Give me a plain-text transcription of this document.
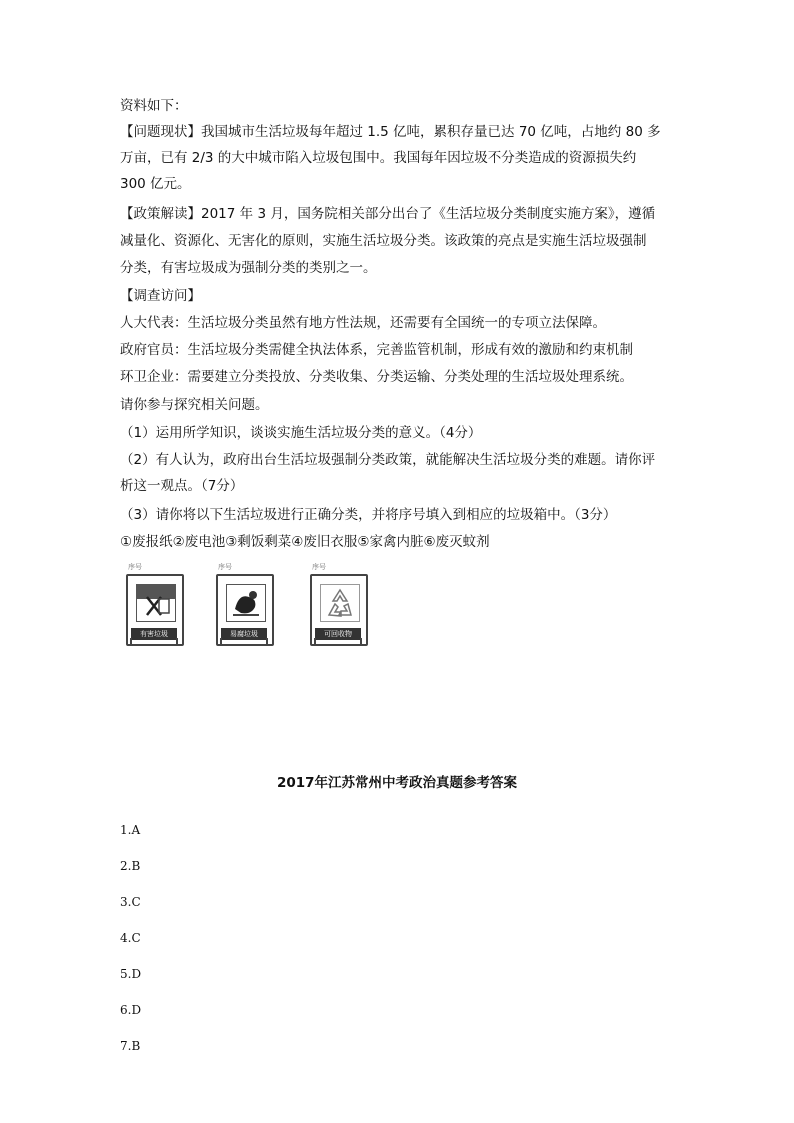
资料如下：
【问题现状】我国城市生活垃圾每年超过 1.5 亿吨，累积存量已达 70 亿吨，占地约 80 多
万亩，已有 2/3 的大中城市陷入垃圾包围中。我国每年因垃圾不分类造成的资源损失约
300 亿元。
【政策解读】2017 年 3 月，国务院相关部分出台了《生活垃圾分类制度实施方案》，遵循
减量化、资源化、无害化的原则，实施生活垃圾分类。该政策的亮点是实施生活垃圾强制
分类，有害垃圾成为强制分类的类别之一。
【调查访问】
人大代表：生活垃圾分类虽然有地方性法规，还需要有全国统一的专项立法保障。
政府官员：生活垃圾分类需健全执法体系，完善监管机制，形成有效的激励和约束机制
环卫企业：需要建立分类投放、分类收集、分类运输、分类处理的生活垃圾处理系统。
请你参与探究相关问题。
（1）运用所学知识，谈谈实施生活垃圾分类的意义。（4分）
（2）有人认为，政府出台生活垃圾强制分类政策，就能解决生活垃圾分类的难题。请你评
析这一观点。（7分）
（3）请你将以下生活垃圾进行正确分类，并将序号填入到相应的垃圾箱中。（3分）
①废报纸②废电池③剩饭剩菜④废旧衣服⑤家禽内脏⑥废灭蚊剂
序号
有害垃圾
序号
易腐垃圾
序号
可回收物
2017年江苏常州中考政治真题参考答案
1.A
2.B
3.C
4.C
5.D
6.D
7.B
